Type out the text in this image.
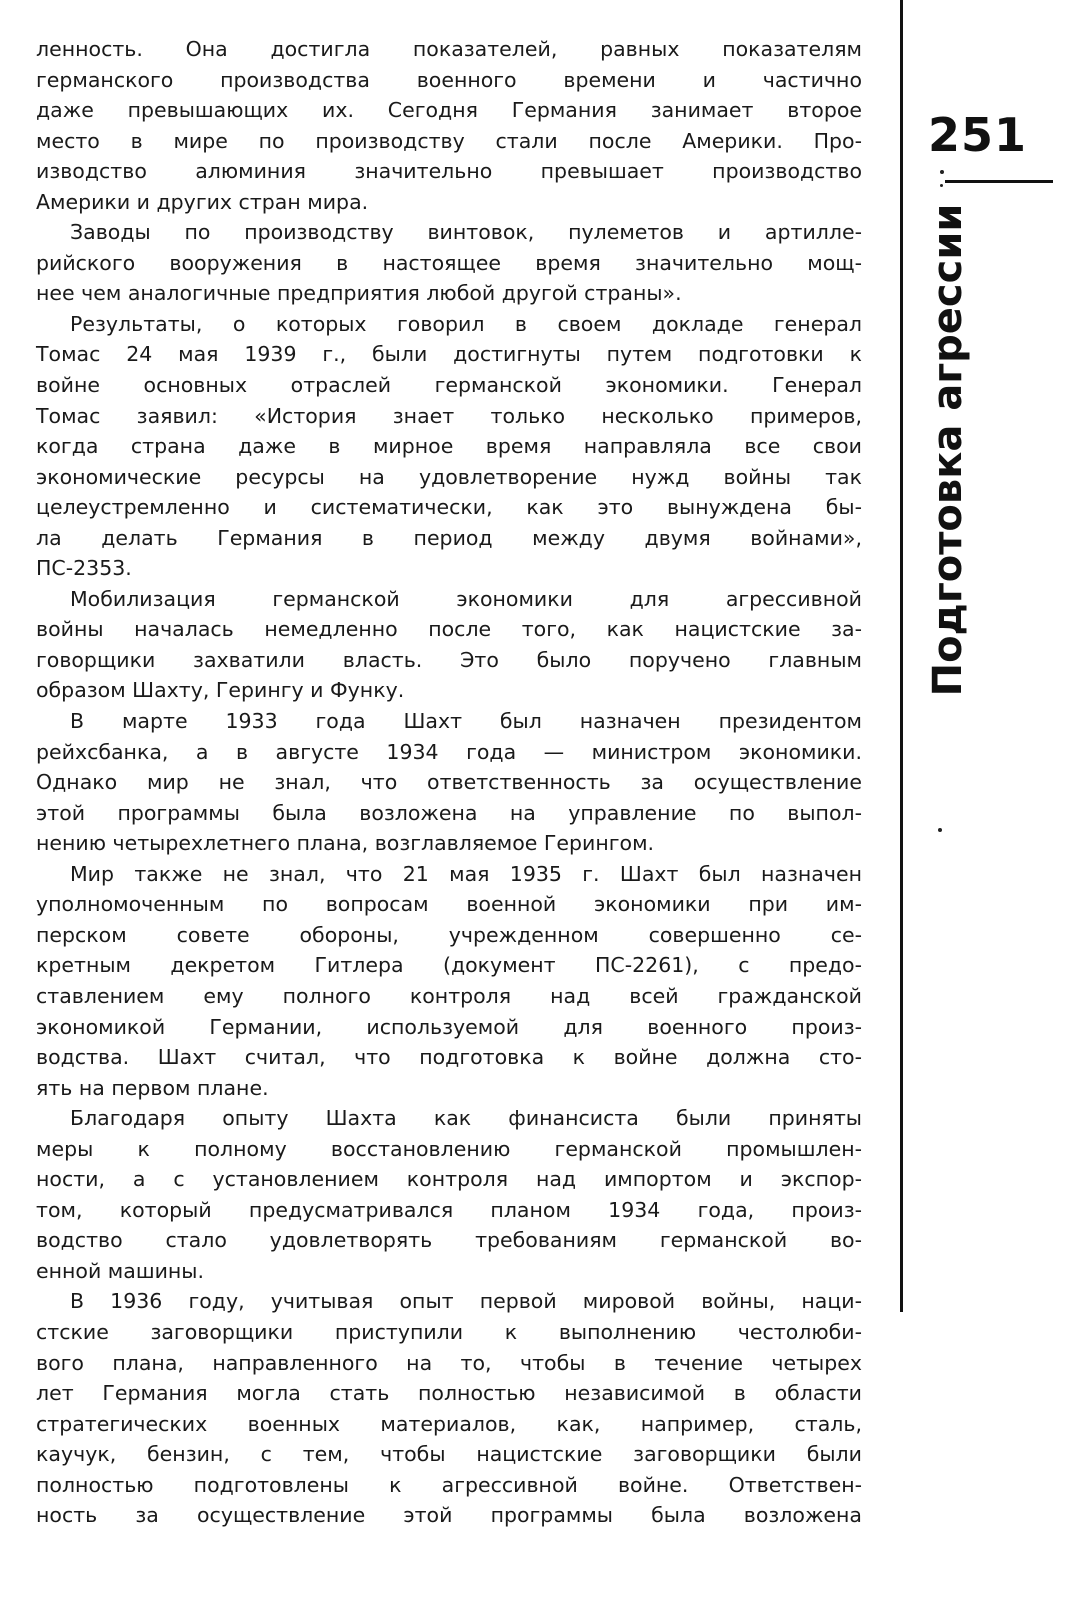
ленность. Она достигла показателей, равных показателям
германского производства военного времени и частично
даже превышающих их. Сегодня Германия занимает второе
место в мире по производству стали после Америки. Про-
изводство алюминия значительно превышает производство
Америки и других стран мира.
Заводы по производству винтовок, пулеметов и артилле-
рийского вооружения в настоящее время значительно мощ-
нее чем аналогичные предприятия любой другой страны».
Результаты, о которых говорил в своем докладе генерал
Томас 24 мая 1939 г., были достигнуты путем подготовки к
войне основных отраслей германской экономики. Генерал
Томас заявил: «История знает только несколько примеров,
когда страна даже в мирное время направляла все свои
экономические ресурсы на удовлетворение нужд войны так
целеустремленно и систематически, как это вынуждена бы-
ла делать Германия в период между двумя войнами»,
ПС-2353.
Мобилизация германской экономики для агрессивной
войны началась немедленно после того, как нацистские за-
говорщики захватили власть. Это было поручено главным
образом Шахту, Герингу и Функу.
В марте 1933 года Шахт был назначен президентом
рейхсбанка, а в августе 1934 года — министром экономики.
Однако мир не знал, что ответственность за осуществление
этой программы была возложена на управление по выпол-
нению четырехлетнего плана, возглавляемое Герингом.
Мир также не знал, что 21 мая 1935 г. Шахт был назначен
уполномоченным по вопросам военной экономики при им-
перском совете обороны, учрежденном совершенно се-
кретным декретом Гитлера (документ ПС-2261), с предо-
ставлением ему полного контроля над всей гражданской
экономикой Германии, используемой для военного произ-
водства. Шахт считал, что подготовка к войне должна сто-
ять на первом плане.
Благодаря опыту Шахта как финансиста были приняты
меры к полному восстановлению германской промышлен-
ности, а с установлением контроля над импортом и экспор-
том, который предусматривался планом 1934 года, произ-
водство стало удовлетворять требованиям германской во-
енной машины.
В 1936 году, учитывая опыт первой мировой войны, наци-
стские заговорщики приступили к выполнению честолюби-
вого плана, направленного на то, чтобы в течение четырех
лет Германия могла стать полностью независимой в области
стратегических военных материалов, как, например, сталь,
каучук, бензин, с тем, чтобы нацистские заговорщики были
полностью подготовлены к агрессивной войне. Ответствен-
ность за осуществление этой программы была возложена
251
Подготовка агрессии
